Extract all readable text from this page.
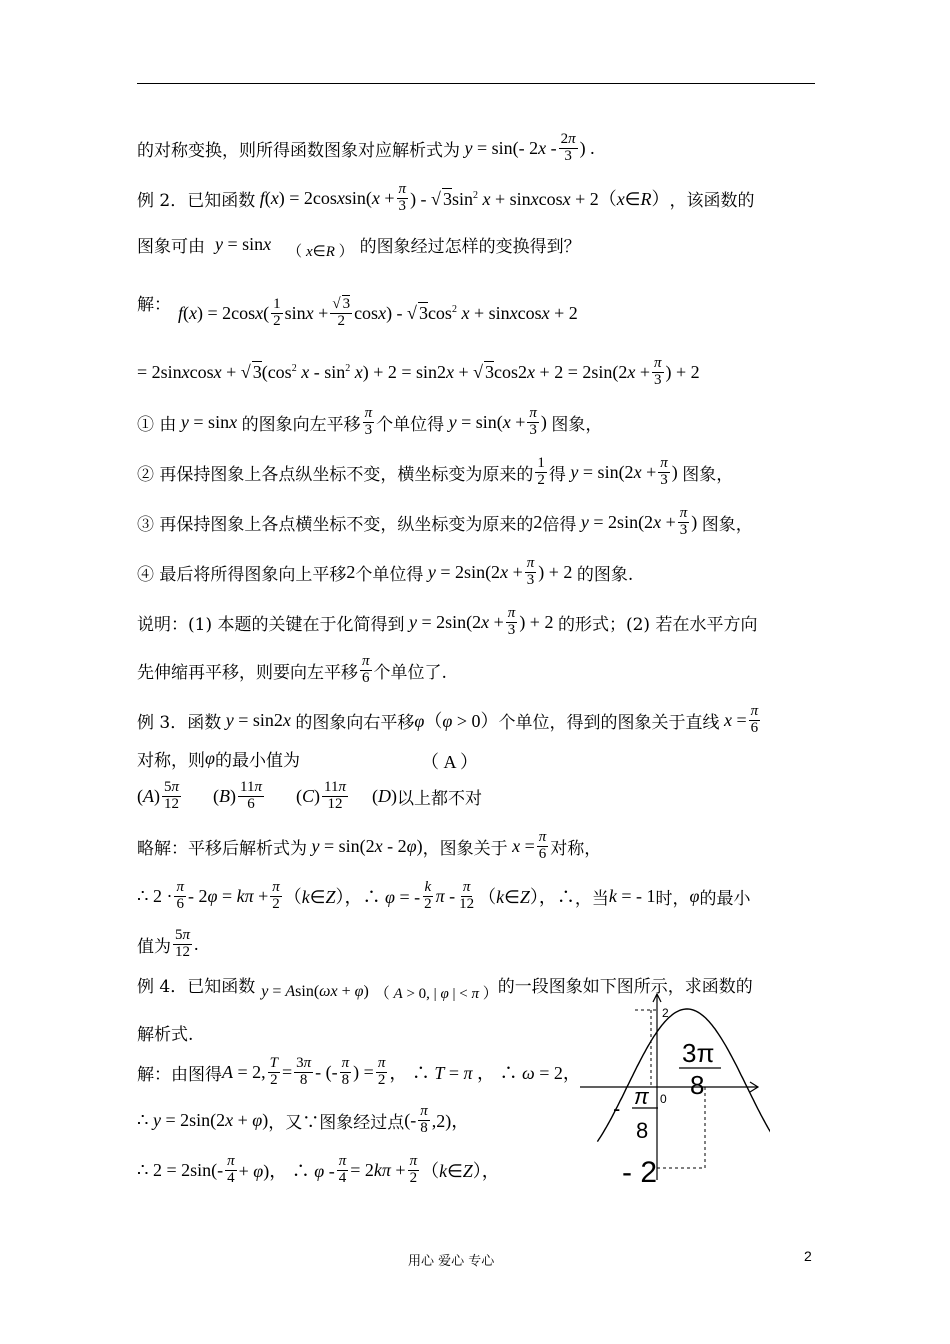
的对称变换，则所得函数图象对应解析式为 y = sin(- $2x - \frac{2\pi}{3}$ ) .
例 2．已知函数 f(x) = 2cosxsin(x + $\frac{\pi}{3}$ ) - √ $3\sin^2$ x + sinxcosx + 2（x∈R） ，该函数的
图象可由 y = sinx （ x∈R ） 的图象经过怎样的变换得到？
解： $f(x) = 2\cos x( \frac{1}{2}$ $\sin x + \frac{√ 3}{2} \cos x$) - √ $3\cos^2$ x + sinxcosx + 2
= 2sinxcosx + √ $3(\cos^2$ $x - \sin^2 x) + 2 = \sin 2x$ + √ $3\cos 2x + 2 = 2\sin(2x + \frac{\pi}{3}$ ) + 2
① 由 y = sinx 的图象向左平移 $\frac{\pi}{3}$ 个单位得 $y = \sin(x + \frac{\pi}{3}$ ) 图象，
② 再保持图象上各点纵坐标不变，横坐标变为原来的 $\frac{1}{2}$ 得 $y = \sin(2x + \frac{\pi}{3}$ ) 图象，
③ 再保持图象上各点横坐标不变，纵坐标变为原来的 2 倍得 $y = 2\sin(2x + \frac{\pi}{3}$ ) 图象，
④ 最后将所得图象向上平移 2 个单位得 $y = 2\sin(2x + \frac{\pi}{3}$ ) + 2 的图象.
说明：(1) 本题的关键在于化简得到 $y = 2\sin(2x + \frac{\pi}{3}$ ) + 2 的形式；(2) 若在水平方向
先伸缩再平移，则要向左平移 $\frac{\pi}{6}$ 个单位了.
例 3．函数 y = sin2x 的图象向右平移 φ（φ > 0） 个单位，得到的图象关于直线 $x = \frac{\pi}{6}$
对称，则 φ 的最小值为	（ A ）
$(A) \frac{5\pi}{12} (B) \frac{11\pi}{6} (C) \frac{11\pi}{12} (D)$ 以上都不对
略解：平移后解析式为 y = sin(2x - 2φ) ，图象关于 $x = \frac{\pi}{6}$ 对称，
∴ $2 \cdot \frac{\pi}{6} - 2\varphi = k\pi + \frac{\pi}{2}$ （k∈Z），∴ φ = - $\frac{k}{2}$ π - $\frac{\pi}{12}$ （k∈Z），∴ ，当 k = - 1 时， φ 的最小
值为 $\frac{5\pi}{12}$ .
例 4．已知函数 y = Asin(ωx + φ) （ A > 0, | φ | < π ） 的一段图象如下图所示，求函数的
解析式.
解：由图得 A = 2, $\frac{T}{2} = \frac{3\pi}{8}$ - (- $\frac{\pi}{8}$ ) = $\frac{\pi}{2}$ ， ∴ T = π ， ∴ ω = 2，
∴ y = 2sin(2x + φ) ，又∵图象经过点 (- $\frac{\pi}{8} ,2$)，
∴ $2 = 2\sin(- \frac{\pi}{4} + \varphi)$， ∴ $\varphi - \frac{\pi}{4} = 2k\pi + \frac{\pi}{2}$ （k∈Z），
2
0
- π
8
3π
8
- 2
用心 爱心 专心	2
